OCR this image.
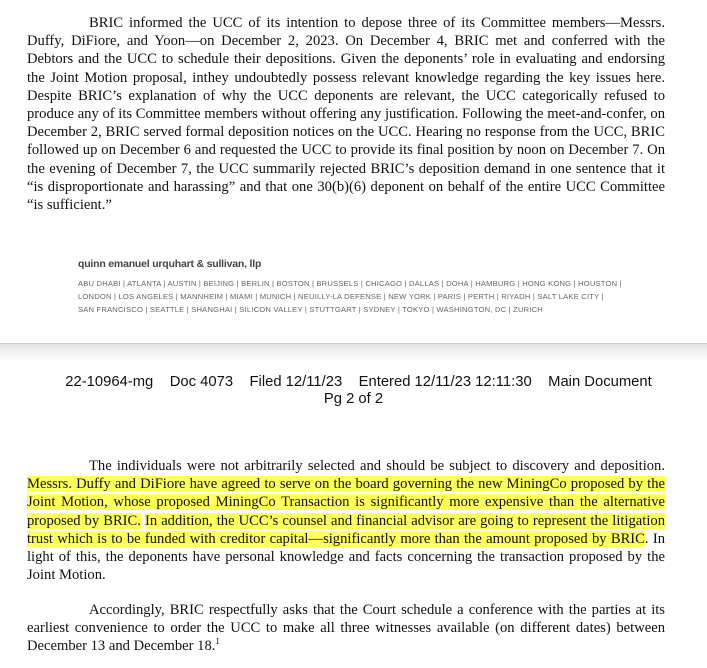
BRIC informed the UCC of its intention to depose three of its Committee members—Messrs. Duffy, DiFiore, and Yoon—on December 2, 2023. On December 4, BRIC met and conferred with the Debtors and the UCC to schedule their depositions. Given the deponents’ role in evaluating and endorsing the Joint Motion proposal, inthey undoubtedly possess relevant knowledge regarding the key issues here. Despite BRIC’s explanation of why the UCC deponents are relevant, the UCC categorically refused to produce any of its Committee members without offering any justification. Following the meet-and-confer, on December 2, BRIC served formal deposition notices on the UCC. Hearing no response from the UCC, BRIC followed up on December 6 and requested the UCC to provide its final position by noon on December 7. On the evening of December 7, the UCC summarily rejected BRIC’s deposition demand in one sentence that it “is disproportionate and harassing” and that one 30(b)(6) deponent on behalf of the entire UCC Committee “is sufficient.”

quinn emanuel urquhart & sullivan, llp
ABU DHABI | ATLANTA | AUSTIN | BEIJING | BERLIN | BOSTON | BRUSSELS | CHICAGO | DALLAS | DOHA | HAMBURG | HONG KONG | HOUSTON |
LONDON | LOS ANGELES | MANNHEIM | MIAMI | MUNICH | NEUILLY-LA DEFENSE | NEW YORK | PARIS | PERTH | RIYADH | SALT LAKE CITY |
SAN FRANCISCO | SEATTLE | SHANGHAI | SILICON VALLEY | STUTTGART | SYDNEY | TOKYO | WASHINGTON, DC | ZURICH
22-10964-mg    Doc 4073    Filed 12/11/23    Entered 12/11/23 12:11:30    Main Document
Pg 2 of 2

The individuals were not arbitrarily selected and should be subject to discovery and deposition. Messrs. Duffy and DiFiore have agreed to serve on the board governing the new MiningCo proposed by the Joint Motion, whose proposed MiningCo Transaction is significantly more expensive than the alternative proposed by BRIC. In addition, the UCC’s counsel and financial advisor are going to represent the litigation trust which is to be funded with creditor capital—significantly more than the amount proposed by BRIC. In light of this, the deponents have personal knowledge and facts concerning the transaction proposed by the Joint Motion.

Accordingly, BRIC respectfully asks that the Court schedule a conference with the parties at its earliest convenience to order the UCC to make all three witnesses available (on different dates) between December 13 and December 18.$^1$
